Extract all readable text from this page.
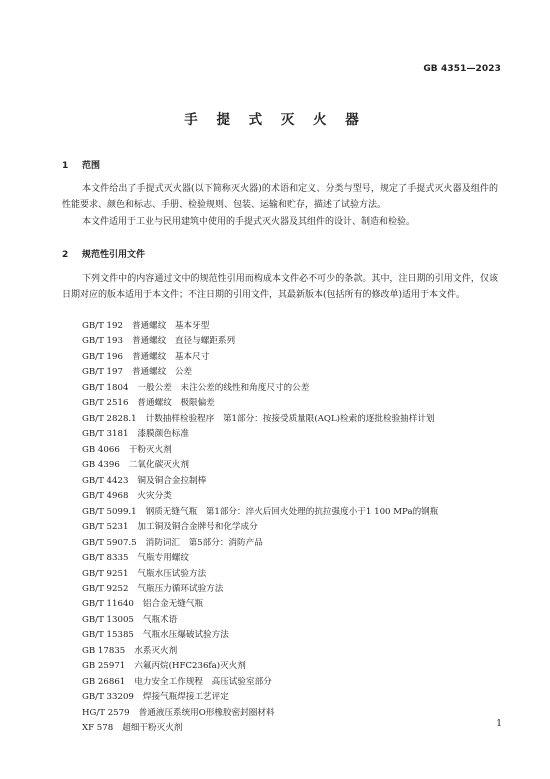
GB 4351—2023
手 提 式 灭 火 器
1 范围
本文件给出了手提式灭火器(以下简称灭火器)的术语和定义、分类与型号，规定了手提式灭火器及组件的性能要求、颜色和标志、手册、检验规则、包装、运输和贮存，描述了试验方法。
本文件适用于工业与民用建筑中使用的手提式灭火器及其组件的设计、制造和检验。
2 规范性引用文件
下列文件中的内容通过文中的规范性引用而构成本文件必不可少的条款。其中，注日期的引用文件，仅该日期对应的版本适用于本文件；不注日期的引用文件，其最新版本(包括所有的修改单)适用于本文件。
GB/T 192 普通螺纹　基本牙型
GB/T 193 普通螺纹　直径与螺距系列
GB/T 196 普通螺纹　基本尺寸
GB/T 197 普通螺纹　公差
GB/T 1804 一般公差　未注公差的线性和角度尺寸的公差
GB/T 2516 普通螺纹　极限偏差
GB/T 2828.1 计数抽样检验程序　第1部分：按接受质量限(AQL)检索的逐批检验抽样计划
GB/T 3181 漆膜颜色标准
GB 4066 干粉灭火剂
GB 4396 二氧化碳灭火剂
GB/T 4423 铜及铜合金拉制棒
GB/T 4968 火灾分类
GB/T 5099.1 钢质无缝气瓶　第1部分：淬火后回火处理的抗拉强度小于1 100 MPa的钢瓶
GB/T 5231 加工铜及铜合金牌号和化学成分
GB/T 5907.5 消防词汇　第5部分：消防产品
GB/T 8335 气瓶专用螺纹
GB/T 9251 气瓶水压试验方法
GB/T 9252 气瓶压力循环试验方法
GB/T 11640 铝合金无缝气瓶
GB/T 13005 气瓶术语
GB/T 15385 气瓶水压爆破试验方法
GB 17835 水系灭火剂
GB 25971 六氟丙烷(HFC236fa)灭火剂
GB 26861 电力安全工作规程　高压试验室部分
GB/T 33209 焊接气瓶焊接工艺评定
HG/T 2579 普通液压系统用O形橡胶密封圈材料
XF 578 超细干粉灭火剂	1
